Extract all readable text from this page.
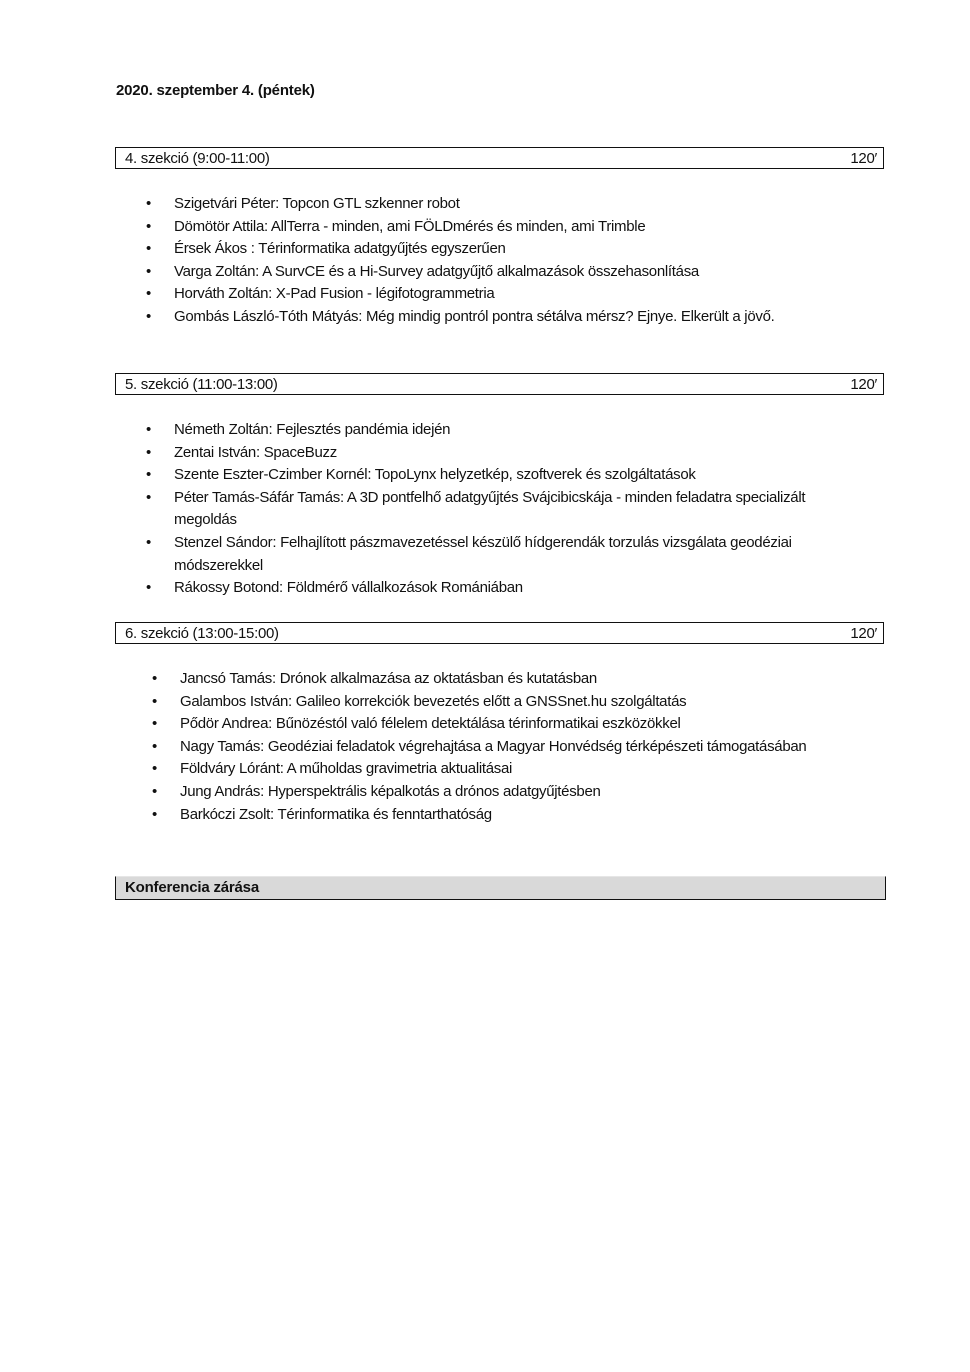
2020. szeptember 4. (péntek)
4. szekció (9:00-11:00)	120′
• Szigetvári Péter: Topcon GTL szkenner robot
• Dömötör Attila: AllTerra - minden, ami FÖLDmérés és minden, ami Trimble
• Érsek Ákos : Térinformatika adatgyűjtés egyszerűen
• Varga Zoltán: A SurvCE és a Hi-Survey adatgyűjtő alkalmazások összehasonlítása
• Horváth Zoltán: X-Pad Fusion - légifotogrammetria
• Gombás László-Tóth Mátyás: Még mindig pontról pontra sétálva mérsz? Ejnye. Elkerült a jövő.
5. szekció (11:00-13:00)	120′
• Németh Zoltán: Fejlesztés pandémia idején
• Zentai István: SpaceBuzz
• Szente Eszter-Czimber Kornél: TopoLynx helyzetkép, szoftverek és szolgáltatások
• Péter Tamás-Sáfár Tamás: A 3D pontfelhő adatgyűjtés Svájcibicskája - minden feladatra specializált megoldás
• Stenzel Sándor: Felhajlított pászmavezetéssel készülő hídgerendák torzulás vizsgálata geodéziai módszerekkel
• Rákossy Botond: Földmérő vállalkozások Romániában
6. szekció (13:00-15:00)	120′
• Jancsó Tamás: Drónok alkalmazása az oktatásban és kutatásban
• Galambos István: Galileo korrekciók bevezetés előtt a GNSSnet.hu szolgáltatás
• Pődör Andrea: Bűnözéstól való félelem detektálása térinformatikai eszközökkel
• Nagy Tamás: Geodéziai feladatok végrehajtása a Magyar Honvédség térképészeti támogatásában
• Földváry Lóránt: A műholdas gravimetria aktualitásai
• Jung András: Hyperspektrális képalkotás a drónos adatgyűjtésben
• Barkóczi Zsolt: Térinformatika és fenntarthatóság
Konferencia zárása
